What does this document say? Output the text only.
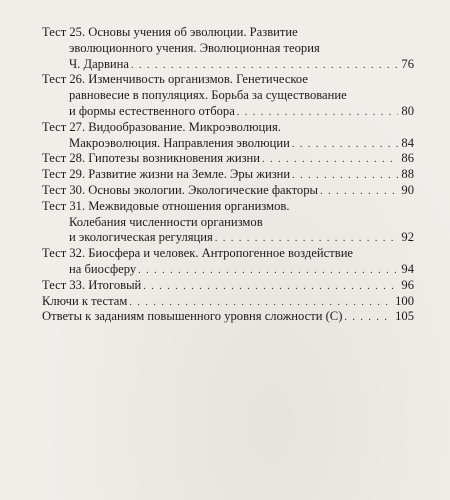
Тест 25. Основы учения об эволюции. Развитие
эволюционного учения. Эволюционная теория
Ч. Дарвина . . .	76
Тест 26. Изменчивость организмов. Генетическое
равновесие в популяциях. Борьба за существование
и формы естественного отбора . . .	80
Тест 27. Видообразование. Микроэволюция.
Макроэволюция. Направления эволюции . . .	84
Тест 28. Гипотезы возникновения жизни . . .	86
Тест 29. Развитие жизни на Земле. Эры жизни . . .	88
Тест 30. Основы экологии. Экологические факторы . . .	90
Тест 31. Межвидовые отношения организмов.
Колебания численности организмов
и экологическая регуляция . . .	92
Тест 32. Биосфера и человек. Антропогенное воздействие
на биосферу . . .	94
Тест 33. Итоговый . . .	96
Ключи к тестам . . .	100
Ответы к заданиям повышенного уровня сложности (С) . . .	105
